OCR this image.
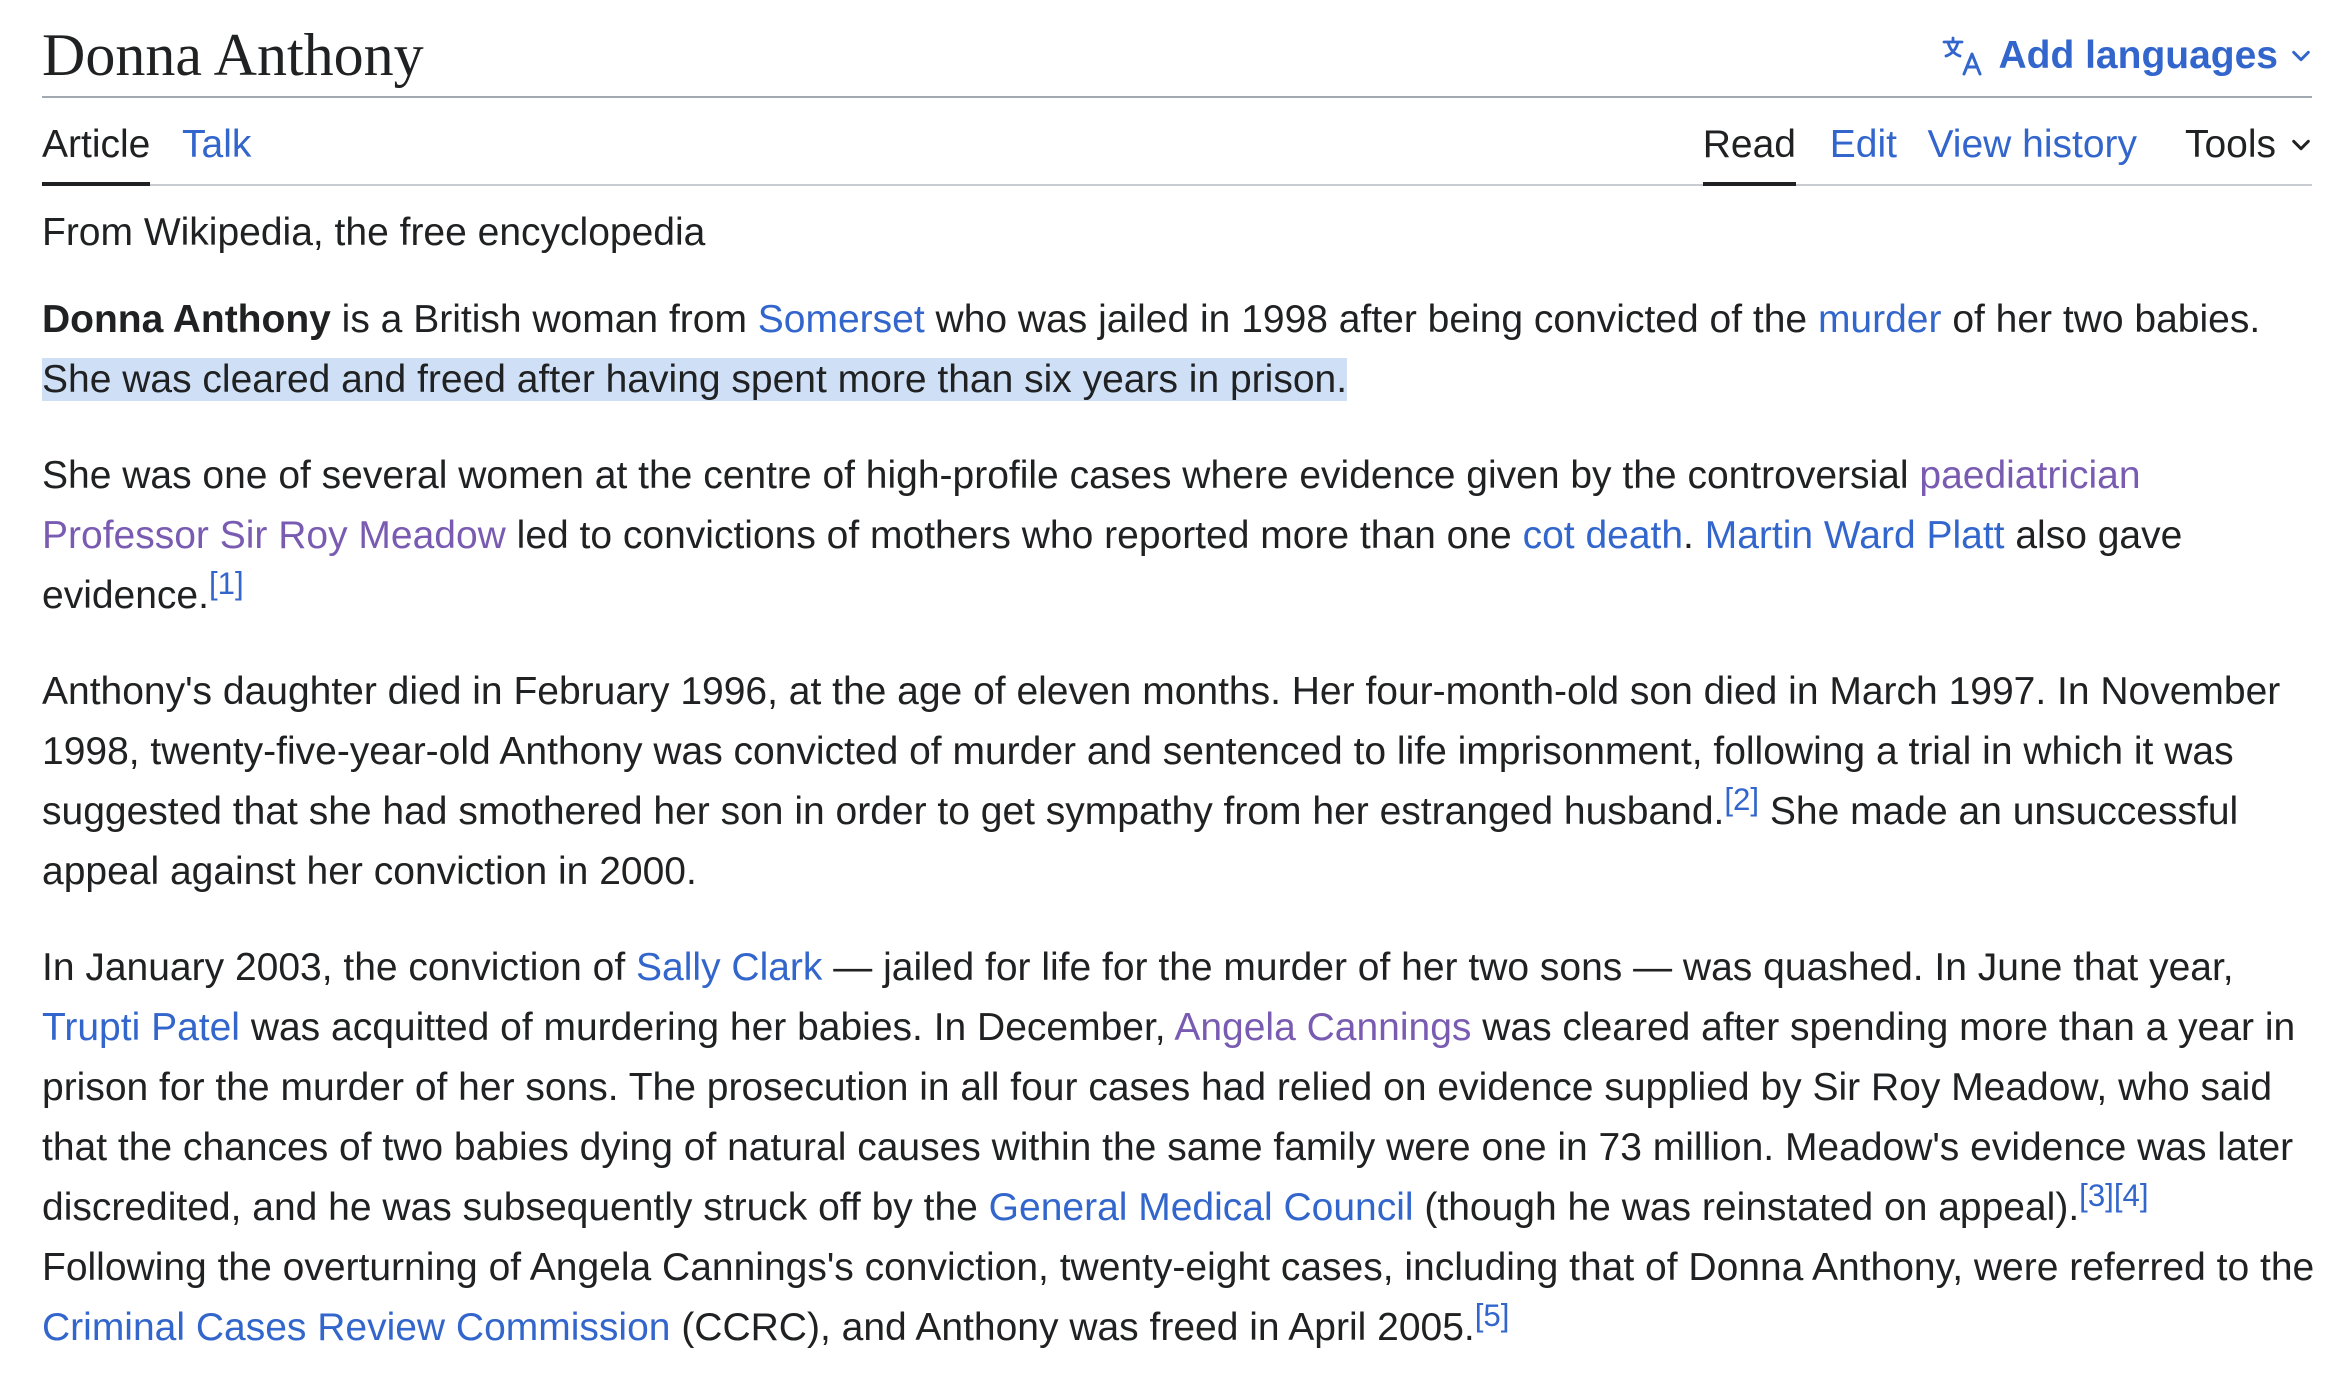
Donna Anthony	Add languages
Article Talk	Read Edit View history Tools
From Wikipedia, the free encyclopedia

Donna Anthony is a British woman from Somerset who was jailed in 1998 after being convicted of the murder of her two babies. She was cleared and freed after having spent more than six years in prison.

She was one of several women at the centre of high-profile cases where evidence given by the controversial paediatrician Professor Sir Roy Meadow led to convictions of mothers who reported more than one cot death. Martin Ward Platt also gave evidence.[1]

Anthony's daughter died in February 1996, at the age of eleven months. Her four-month-old son died in March 1997. In November 1998, twenty-five-year-old Anthony was convicted of murder and sentenced to life imprisonment, following a trial in which it was suggested that she had smothered her son in order to get sympathy from her estranged husband.[2] She made an unsuccessful appeal against her conviction in 2000.

In January 2003, the conviction of Sally Clark — jailed for life for the murder of her two sons — was quashed. In June that year, Trupti Patel was acquitted of murdering her babies. In December, Angela Cannings was cleared after spending more than a year in prison for the murder of her sons. The prosecution in all four cases had relied on evidence supplied by Sir Roy Meadow, who said that the chances of two babies dying of natural causes within the same family were one in 73 million. Meadow's evidence was later discredited, and he was subsequently struck off by the General Medical Council (though he was reinstated on appeal).[3][4] Following the overturning of Angela Cannings's conviction, twenty-eight cases, including that of Donna Anthony, were referred to the Criminal Cases Review Commission (CCRC), and Anthony was freed in April 2005.[5]
